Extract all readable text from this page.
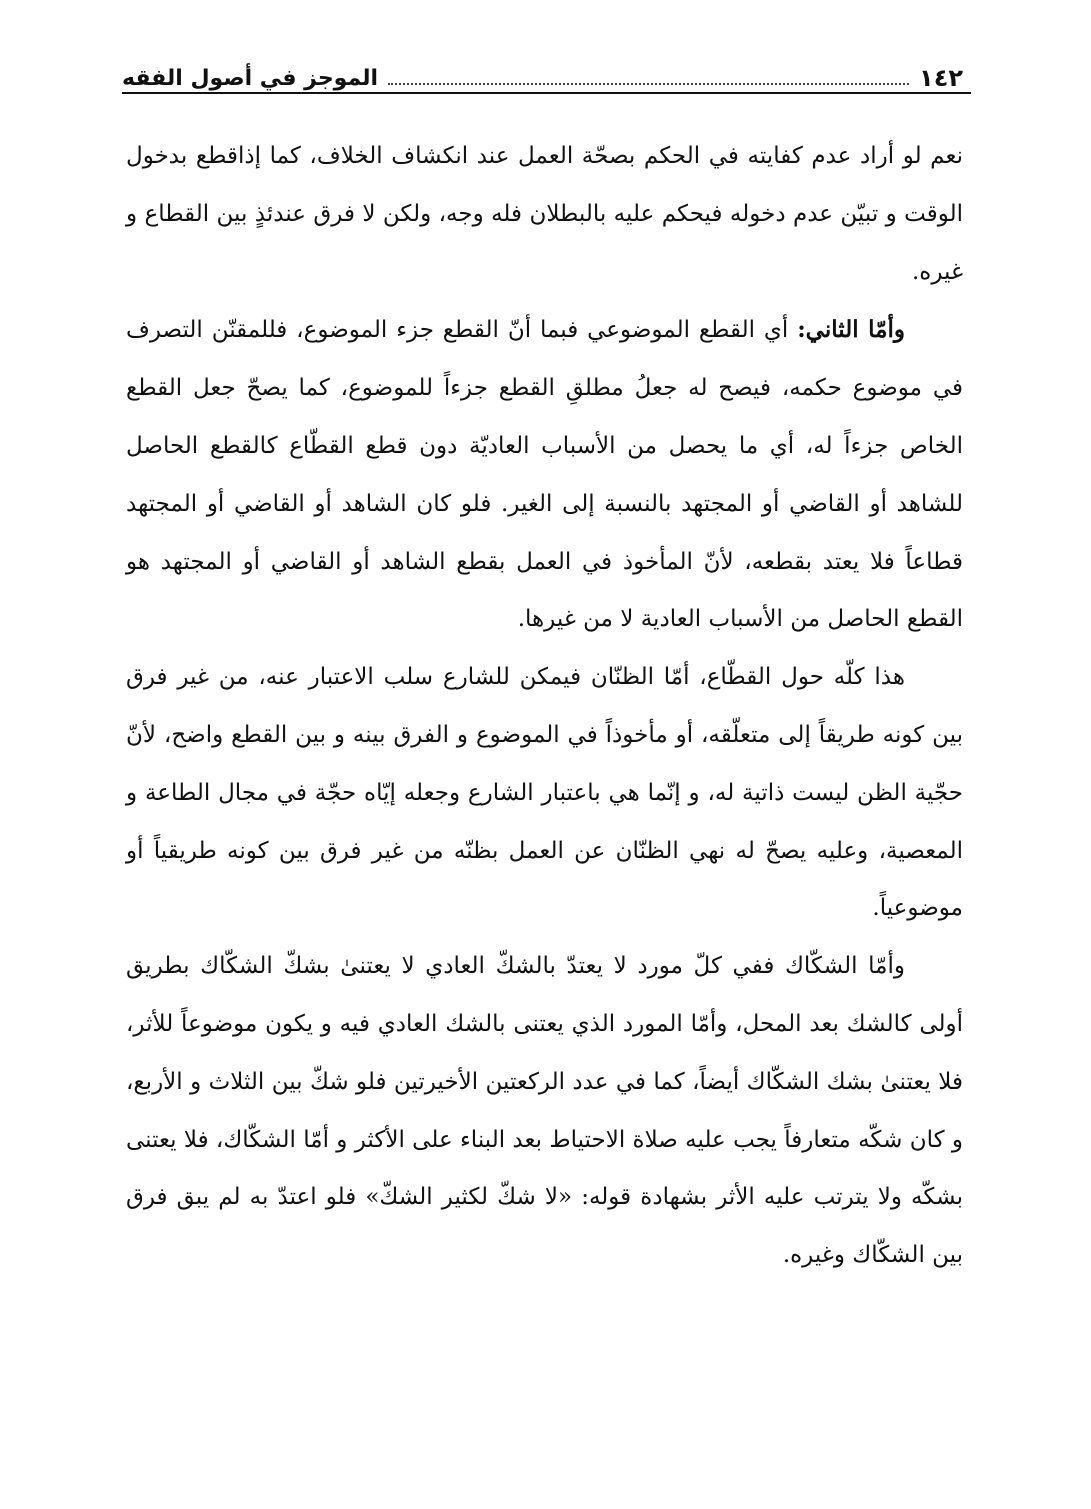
الموجز في أصول الفقه	١٤٢

نعم لو أراد عدم كفايته في الحكم بصحّة العمل عند انكشاف الخلاف، كما إذاقطع بدخول الوقت و تبيّن عدم دخوله فيحكم عليه بالبطلان فله وجه، ولكن لا فرق عندئذٍ بين القطاع و غيره.

وأمّا الثاني: أي القطع الموضوعي فبما أنّ القطع جزء الموضوع، فللمقنّن التصرف في موضوع حكمه، فيصح له جعلُ مطلقِ القطع جزءاً للموضوع، كما يصحّ جعل القطع الخاص جزءاً له، أي ما يحصل من الأسباب العاديّة دون قطع القطّاع كالقطع الحاصل للشاهد أو القاضي أو المجتهد بالنسبة إلى الغير. فلو كان الشاهد أو القاضي أو المجتهد قطاعاً فلا يعتد بقطعه، لأنّ المأخوذ في العمل بقطع الشاهد أو القاضي أو المجتهد هو القطع الحاصل من الأسباب العادية لا من غيرها.

هذا كلّه حول القطّاع، أمّا الظنّان فيمكن للشارع سلب الاعتبار عنه، من غير فرق بين كونه طريقاً إلى متعلّقه، أو مأخوذاً في الموضوع و الفرق بينه و بين القطع واضح، لأنّ حجّية الظن ليست ذاتية له، و إنّما هي باعتبار الشارع وجعله إيّاه حجّة في مجال الطاعة و المعصية، وعليه يصحّ له نهي الظنّان عن العمل بظنّه من غير فرق بين كونه طريقياً أو موضوعياً.

وأمّا الشكّاك ففي كلّ مورد لا يعتدّ بالشكّ العادي لا يعتنىٰ بشكّ الشكّاك بطريق أولى كالشك بعد المحل، وأمّا المورد الذي يعتنى بالشك العادي فيه و يكون موضوعاً للأثر، فلا يعتنىٰ بشك الشكّاك أيضاً، كما في عدد الركعتين الأخيرتين فلو شكّ بين الثلاث و الأربع، و كان شكّه متعارفاً يجب عليه صلاة الاحتياط بعد البناء على الأكثر و أمّا الشكّاك، فلا يعتنى بشكّه ولا يترتب عليه الأثر بشهادة قوله: «لا شكّ لكثير الشكّ» فلو اعتدّ به لم يبق فرق بين الشكّاك وغيره.
